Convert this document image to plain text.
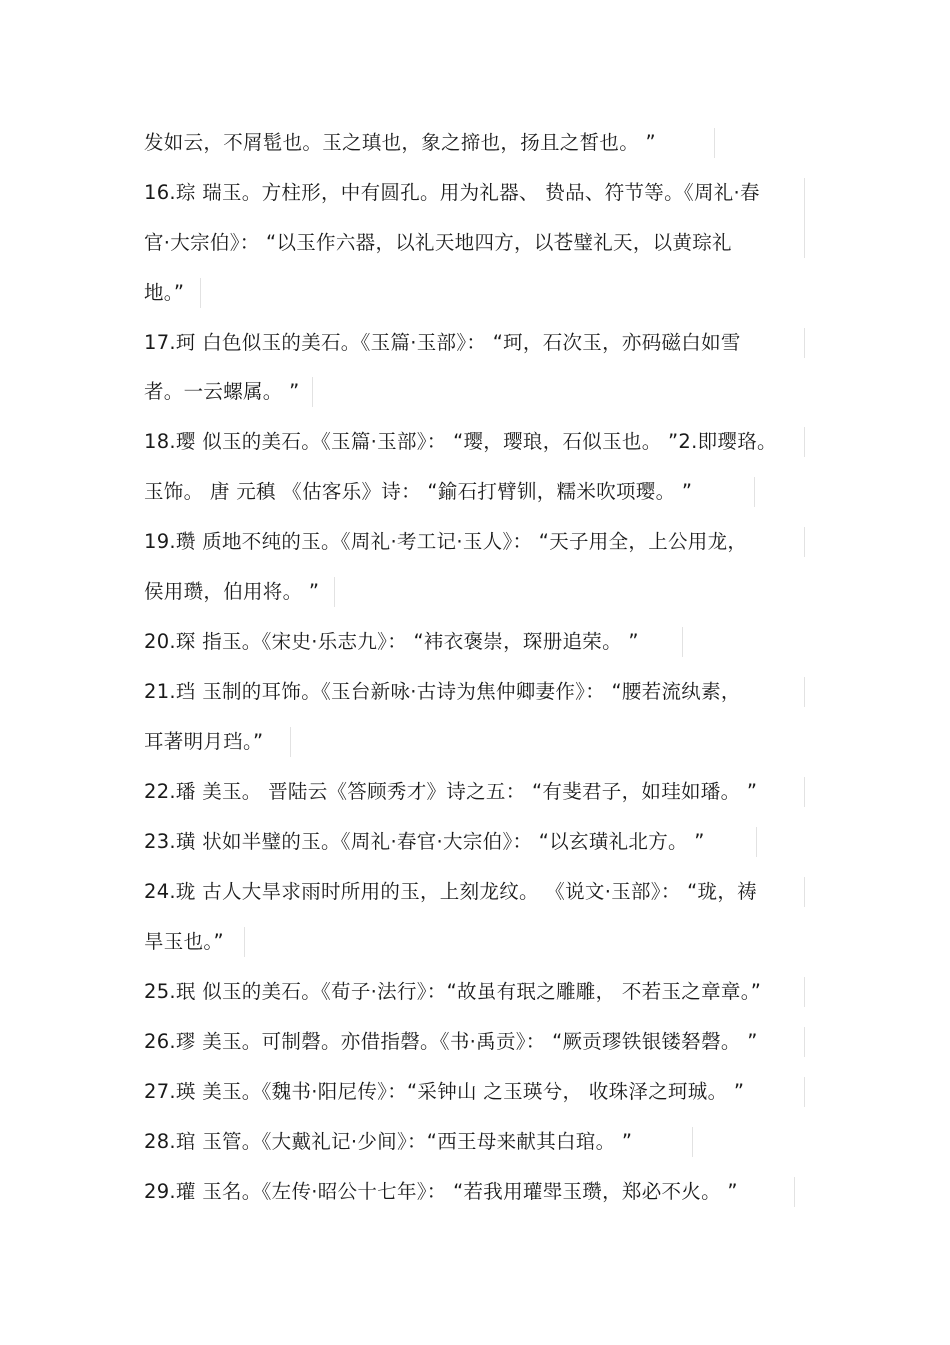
发如云，不屑髢也。玉之瑱也，象之揥也，扬且之皙也。 ”
16.琮 瑞玉。方柱形，中有圆孔。用为礼器、 贽品、符节等。《周礼·春
官·大宗伯》： “以玉作六器，以礼天地四方，以苍璧礼天，以黄琮礼
地。”
17.珂 白色似玉的美石。《玉篇·玉部》： “珂，石次玉，亦码磁白如雪
者。一云螺属。 ”
18.璎 似玉的美石。《玉篇·玉部》： “璎，璎琅，石似玉也。 ”2.即璎珞。
玉饰。 唐 元稹 《估客乐》诗： “鍮石打臂钏，糯米吹项璎。 ”
19.瓒 质地不纯的玉。《周礼·考工记·玉人》： “天子用全，上公用龙，
侯用瓒，伯用将。 ”
20.琛 指玉。《宋史·乐志九》： “袆衣褒崇，琛册追荣。 ”
21.珰 玉制的耳饰。《玉台新咏·古诗为焦仲卿妻作》： “腰若流纨素，
耳著明月珰。”
22.璠 美玉。 晋陆云《答顾秀才》诗之五： “有斐君子，如珪如璠。 ”
23.璜 状如半璧的玉。《周礼·春官·大宗伯》： “以玄璜礼北方。 ”
24.珑 古人大旱求雨时所用的玉，上刻龙纹。 《说文·玉部》： “珑，祷
旱玉也。”
25.珉 似玉的美石。《荀子·法行》：“故虽有珉之雕雕， 不若玉之章章。”
26.璆 美玉。可制磬。亦借指磬。《书·禹贡》： “厥贡璆铁银镂砮磬。 ”
27.瑛 美玉。《魏书·阳尼传》：“采钟山 之玉瑛兮， 收珠泽之珂珹。 ”
28.琯 玉管。《大戴礼记·少间》：“西王母来献其白琯。 ”
29.瓘 玉名。《左传·昭公十七年》： “若我用瓘斝玉瓒，郑必不火。 ”
